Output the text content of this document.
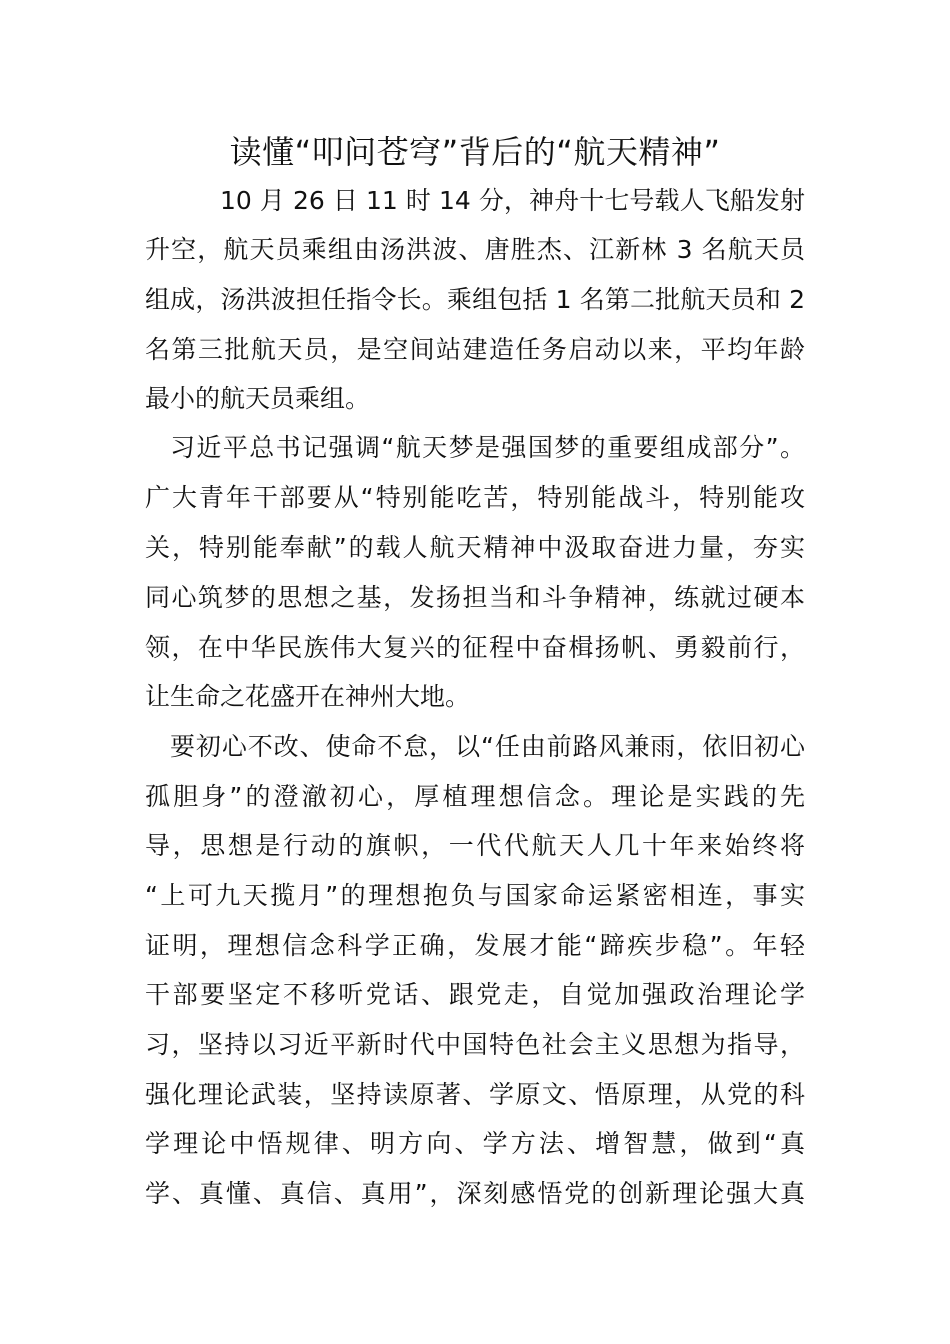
读懂“叩问苍穹”背后的“航天精神”

10 月 26 日 11 时 14 分，神舟十七号载人飞船发射

升空，航天员乘组由汤洪波、唐胜杰、江新林 3 名航天员

组成，汤洪波担任指令长。乘组包括 1 名第二批航天员和 2

名第三批航天员，是空间站建造任务启动以来，平均年龄

最小的航天员乘组。

习近平总书记强调“航天梦是强国梦的重要组成部分”。

广大青年干部要从“特别能吃苦，特别能战斗，特别能攻

关，特别能奉献”的载人航天精神中汲取奋进力量，夯实

同心筑梦的思想之基，发扬担当和斗争精神，练就过硬本

领，在中华民族伟大复兴的征程中奋楫扬帆、勇毅前行，

让生命之花盛开在神州大地。

要初心不改、使命不怠，以“任由前路风兼雨，依旧初心

孤胆身”的澄澈初心，厚植理想信念。理论是实践的先

导，思想是行动的旗帜，一代代航天人几十年来始终将

“上可九天揽月”的理想抱负与国家命运紧密相连，事实

证明，理想信念科学正确，发展才能“蹄疾步稳”。年轻

干部要坚定不移听党话、跟党走，自觉加强政治理论学

习，坚持以习近平新时代中国特色社会主义思想为指导，

强化理论武装，坚持读原著、学原文、悟原理，从党的科

学理论中悟规律、明方向、学方法、增智慧，做到“真

学、真懂、真信、真用”，深刻感悟党的创新理论强大真
